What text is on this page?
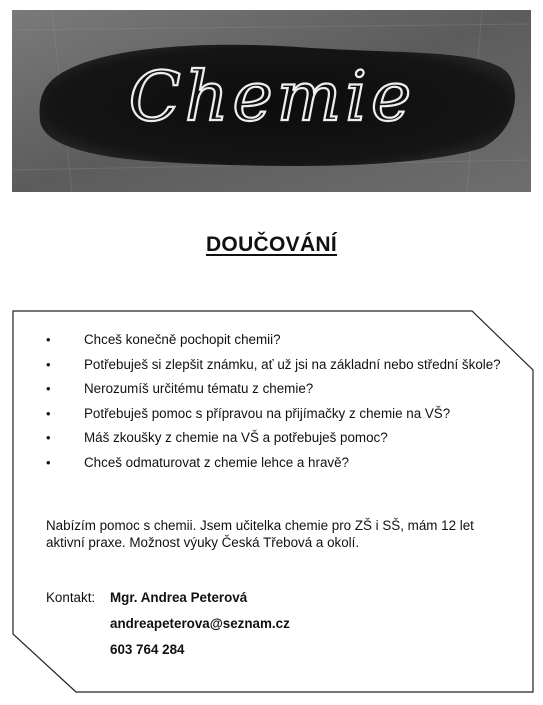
Chemie
DOUČOVÁNÍ
• Chceš konečně pochopit chemii?
• Potřebuješ si zlepšit známku, ať už jsi na základní nebo střední škole?
• Nerozumíš určitému tématu z chemie?
• Potřebuješ pomoc s přípravou na přijímačky z chemie na VŠ?
• Máš zkoušky z chemie na VŠ a potřebuješ pomoc?
• Chceš odmaturovat z chemie lehce a hravě?
Nabízím pomoc s chemii. Jsem učitelka chemie pro ZŠ i SŠ, mám 12 let aktivní praxe. Možnost výuky Česká Třebová a okolí.
Kontakt:	Mgr. Andrea Peterová
andreapeterova@seznam.cz
603 764 284
